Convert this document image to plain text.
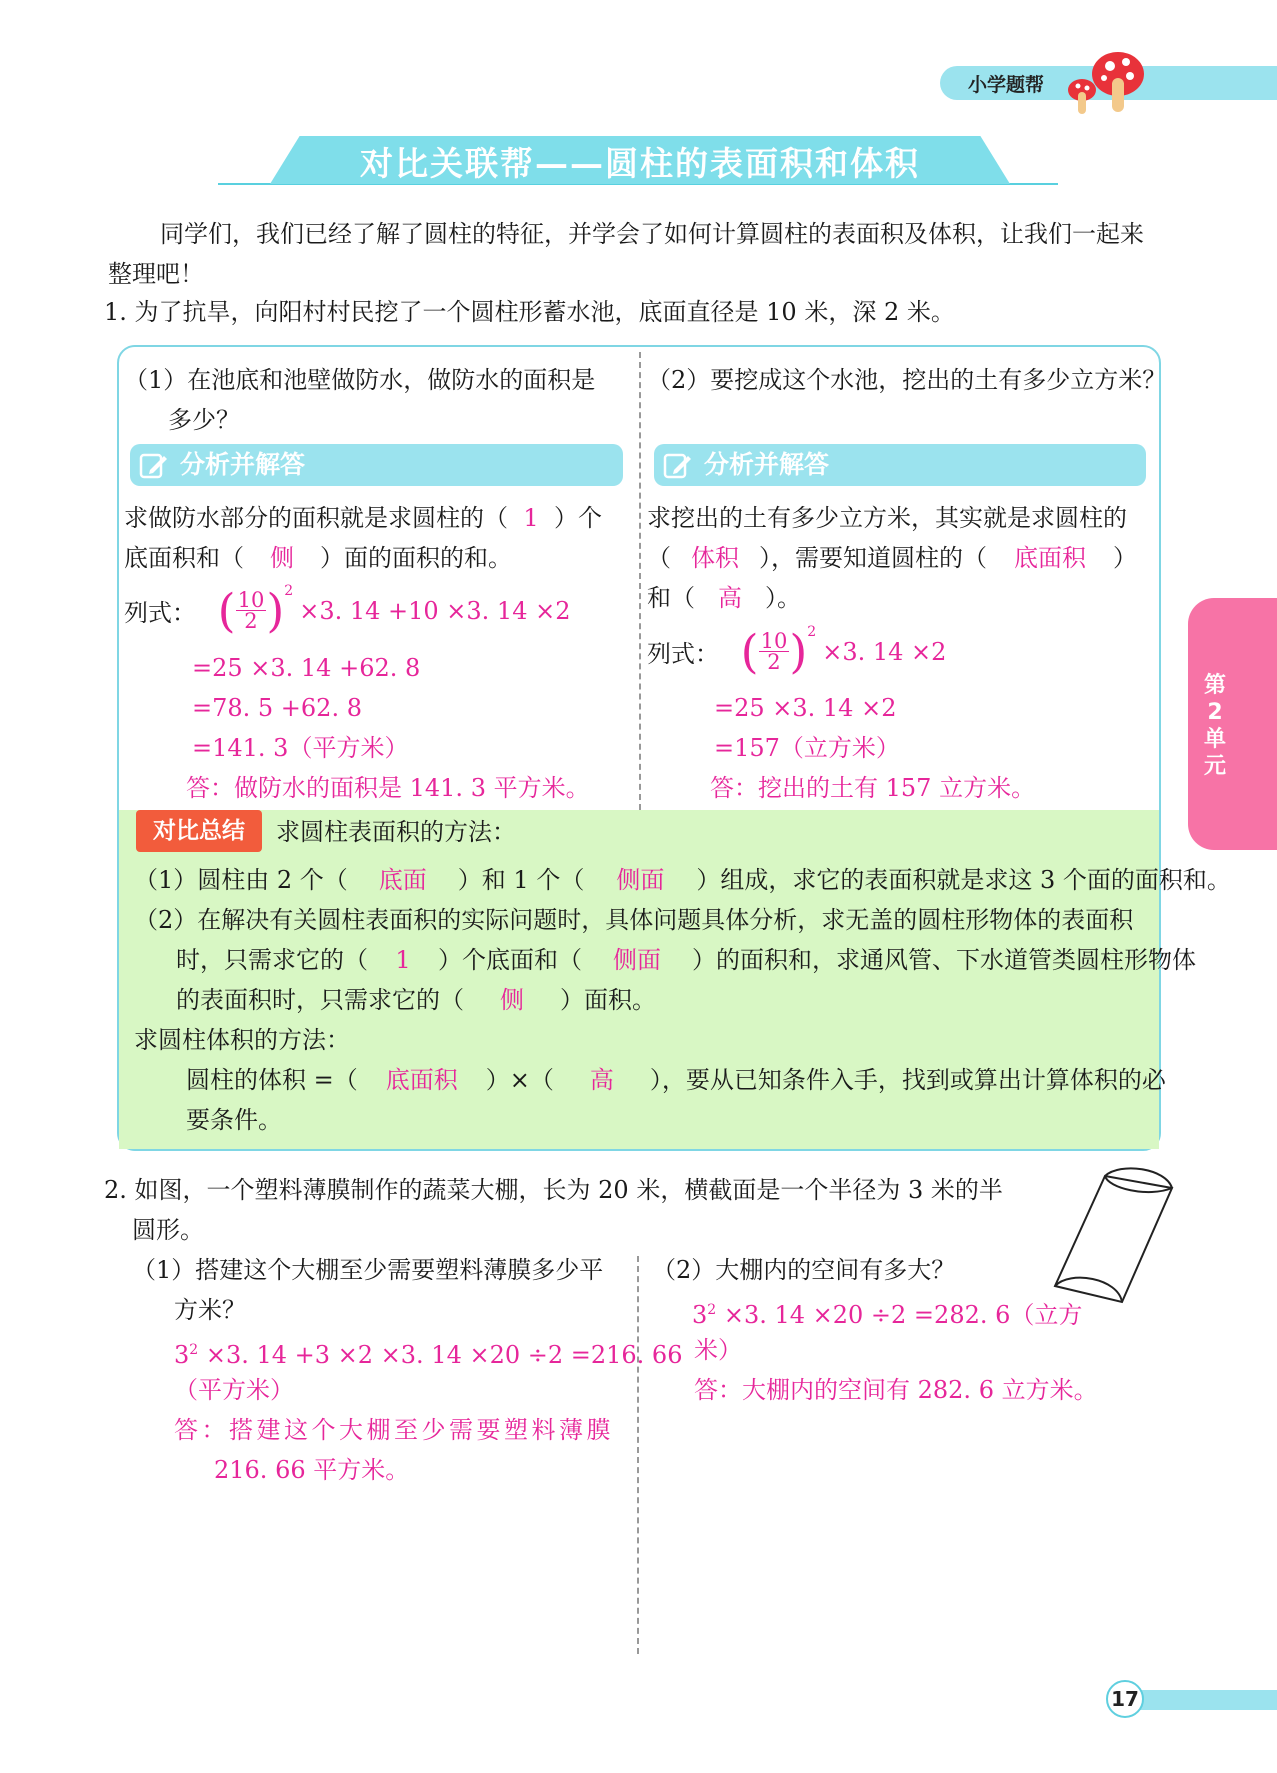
小学题帮
对比关联帮——圆柱的表面积和体积
同学们，我们已经了解了圆柱的特征，并学会了如何计算圆柱的表面积及体积，让我们一起来
整理吧！
1. 为了抗旱，向阳村村民挖了一个圆柱形蓄水池，底面直径是 10 米，深 2 米。
（1）在池底和池壁做防水，做防水的面积是
多少？
分析并解答
求做防水部分的面积就是求圆柱的（ 1 ）个
底面积和（ 侧 ）面的面积的和。
列式： ( $\frac{10}{2} )^2\times 3$. 14 +10 ×3. 14 ×2
=25 ×3. 14 +62. 8
=78. 5 +62. 8
=141. 3（平方米）
答：做防水的面积是 141. 3 平方米。
（2）要挖成这个水池，挖出的土有多少立方米？
分析并解答
求挖出的土有多少立方米，其实就是求圆柱的
（ 体积 ），需要知道圆柱的（ 底面积 ）
和（ 高 ）。
列式： ( $\frac{10}{2} )^2\times 3$. 14 ×2
=25 ×3. 14 ×2
=157（立方米）
答：挖出的土有 157 立方米。
对比总结	求圆柱表面积的方法：
（1）圆柱由 2 个（ 底面 ）和 1 个（ 侧面 ）组成，求它的表面积就是求这 3 个面的面积和。
（2）在解决有关圆柱表面积的实际问题时，具体问题具体分析，求无盖的圆柱形物体的表面积
时，只需求它的（ 1 ）个底面和（ 侧面 ）的面积和，求通风管、下水道管类圆柱形物体
的表面积时，只需求它的（ 侧 ）面积。
求圆柱体积的方法：
圆柱的体积 =（ 底面积 ）×（ 高 ），要从已知条件入手，找到或算出计算体积的必
要条件。
第2单元
2. 如图，一个塑料薄膜制作的蔬菜大棚，长为 20 米，横截面是一个半径为 3 米的半
圆形。
（1）搭建这个大棚至少需要塑料薄膜多少平
方米？
$3^2 \times 3$. 14 +3 ×2 ×3. 14 ×20 ÷2 =216. 66
（平方米）
答：搭建这个大棚至少需要塑料薄膜
216. 66 平方米。
（2）大棚内的空间有多大？
$3^2 \times 3$. 14 ×20 ÷2 =282. 6（立方
米）
答：大棚内的空间有 282. 6 立方米。
17
